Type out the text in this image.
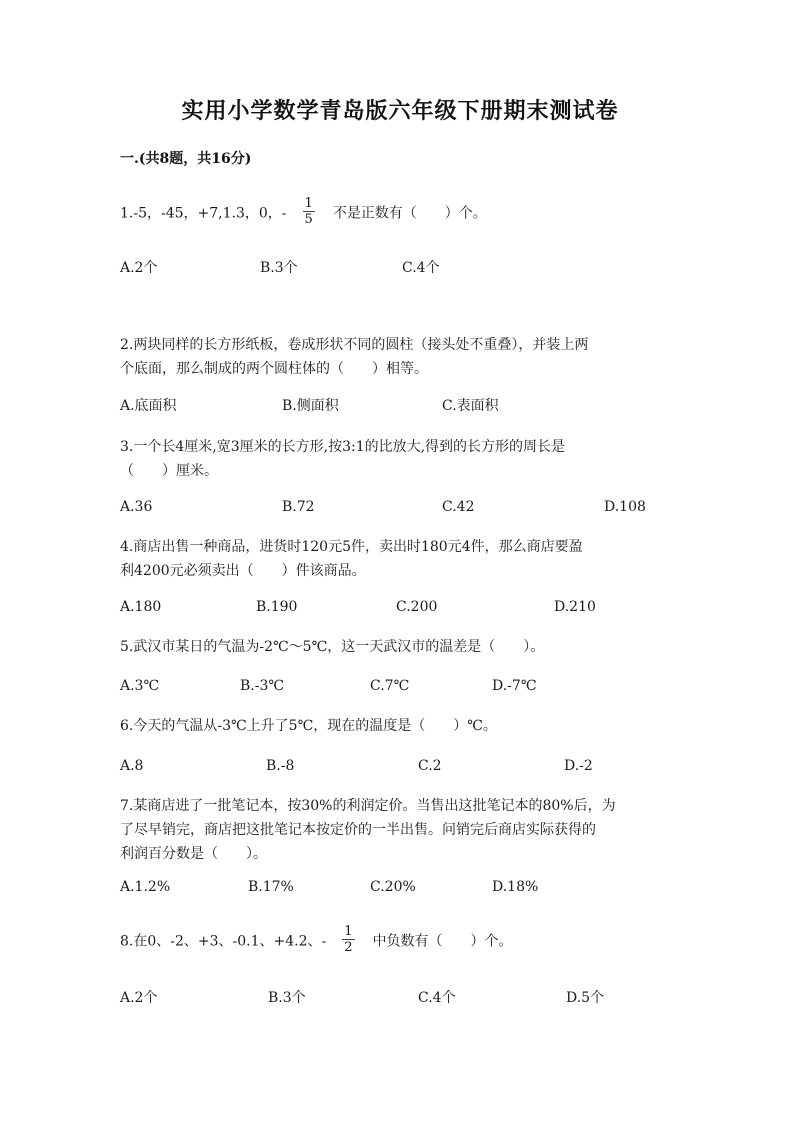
实用小学数学青岛版六年级下册期末测试卷
一.(共8题，共16分)
1.-5，-45，+7,1.3，0，- $\frac{1}{5}$ 不是正数有（　　）个。
A.2个	B.3个	C.4个
2.两块同样的长方形纸板，卷成形状不同的圆柱（接头处不重叠），并装上两
个底面，那么制成的两个圆柱体的（　　）相等。
A.底面积	B.侧面积	C.表面积
3.一个长4厘米,宽3厘米的长方形,按3:1的比放大,得到的长方形的周长是
（　　）厘米。
A.36	B.72	C.42	D.108
4.商店出售一种商品，进货时120元5件，卖出时180元4件，那么商店要盈
利4200元必须卖出（　　）件该商品。
A.180	B.190	C.200	D.210
5.武汉市某日的气温为-2℃～5℃，这一天武汉市的温差是（　　）。
A.3℃	B.-3℃	C.7℃	D.-7℃
6.今天的气温从-3℃上升了5℃，现在的温度是（　　）℃。
A.8	B.-8	C.2	D.-2
7.某商店进了一批笔记本，按30%的利润定价。当售出这批笔记本的80%后，为
了尽早销完，商店把这批笔记本按定价的一半出售。问销完后商店实际获得的
利润百分数是（　　）。
A.1.2%	B.17%	C.20%	D.18%
8.在0、-2、+3、-0.1、+4.2、- $\frac{1}{2}$ 中负数有（　　）个。
A.2个	B.3个	C.4个	D.5个
